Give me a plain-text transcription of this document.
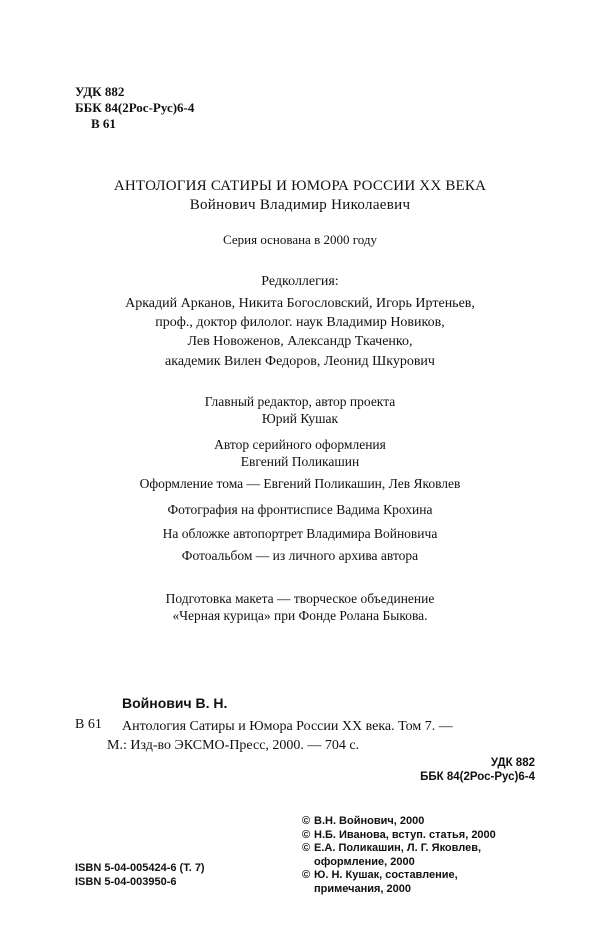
УДК 882
ББК 84(2Рос-Рус)6-4
В 61
АНТОЛОГИЯ САТИРЫ И ЮМОРА РОССИИ XX ВЕКА
Войнович Владимир Николаевич
Серия основана в 2000 году
Редколлегия:
Аркадий Арканов, Никита Богословский, Игорь Иртеньев,
проф., доктор филолог. наук Владимир Новиков,
Лев Новоженов, Александр Ткаченко,
академик Вилен Федоров, Леонид Шкурович
Главный редактор, автор проекта
Юрий Кушак
Автор серийного оформления
Евгений Поликашин
Оформление тома — Евгений Поликашин, Лев Яковлев
Фотография на фронтисписе Вадима Крохина
На обложке автопортрет Владимира Войновича
Фотоальбом — из личного архива автора
Подготовка макета — творческое объединение
«Черная курица» при Фонде Ролана Быкова.
Войнович В. Н.
В 61 Антология Сатиры и Юмора России XX века. Том 7. —
М.: Изд-во ЭКСМО-Пресс, 2000. — 704 с.
УДК 882
ББК 84(2Рос-Рус)6-4
© В.Н. Войнович, 2000
© Н.Б. Иванова, вступ. статья, 2000
© Е.А. Поликашин, Л. Г. Яковлев,
оформление, 2000
© Ю. Н. Кушак, составление,
примечания, 2000
ISBN 5-04-005424-6 (Т. 7)
ISBN 5-04-003950-6
